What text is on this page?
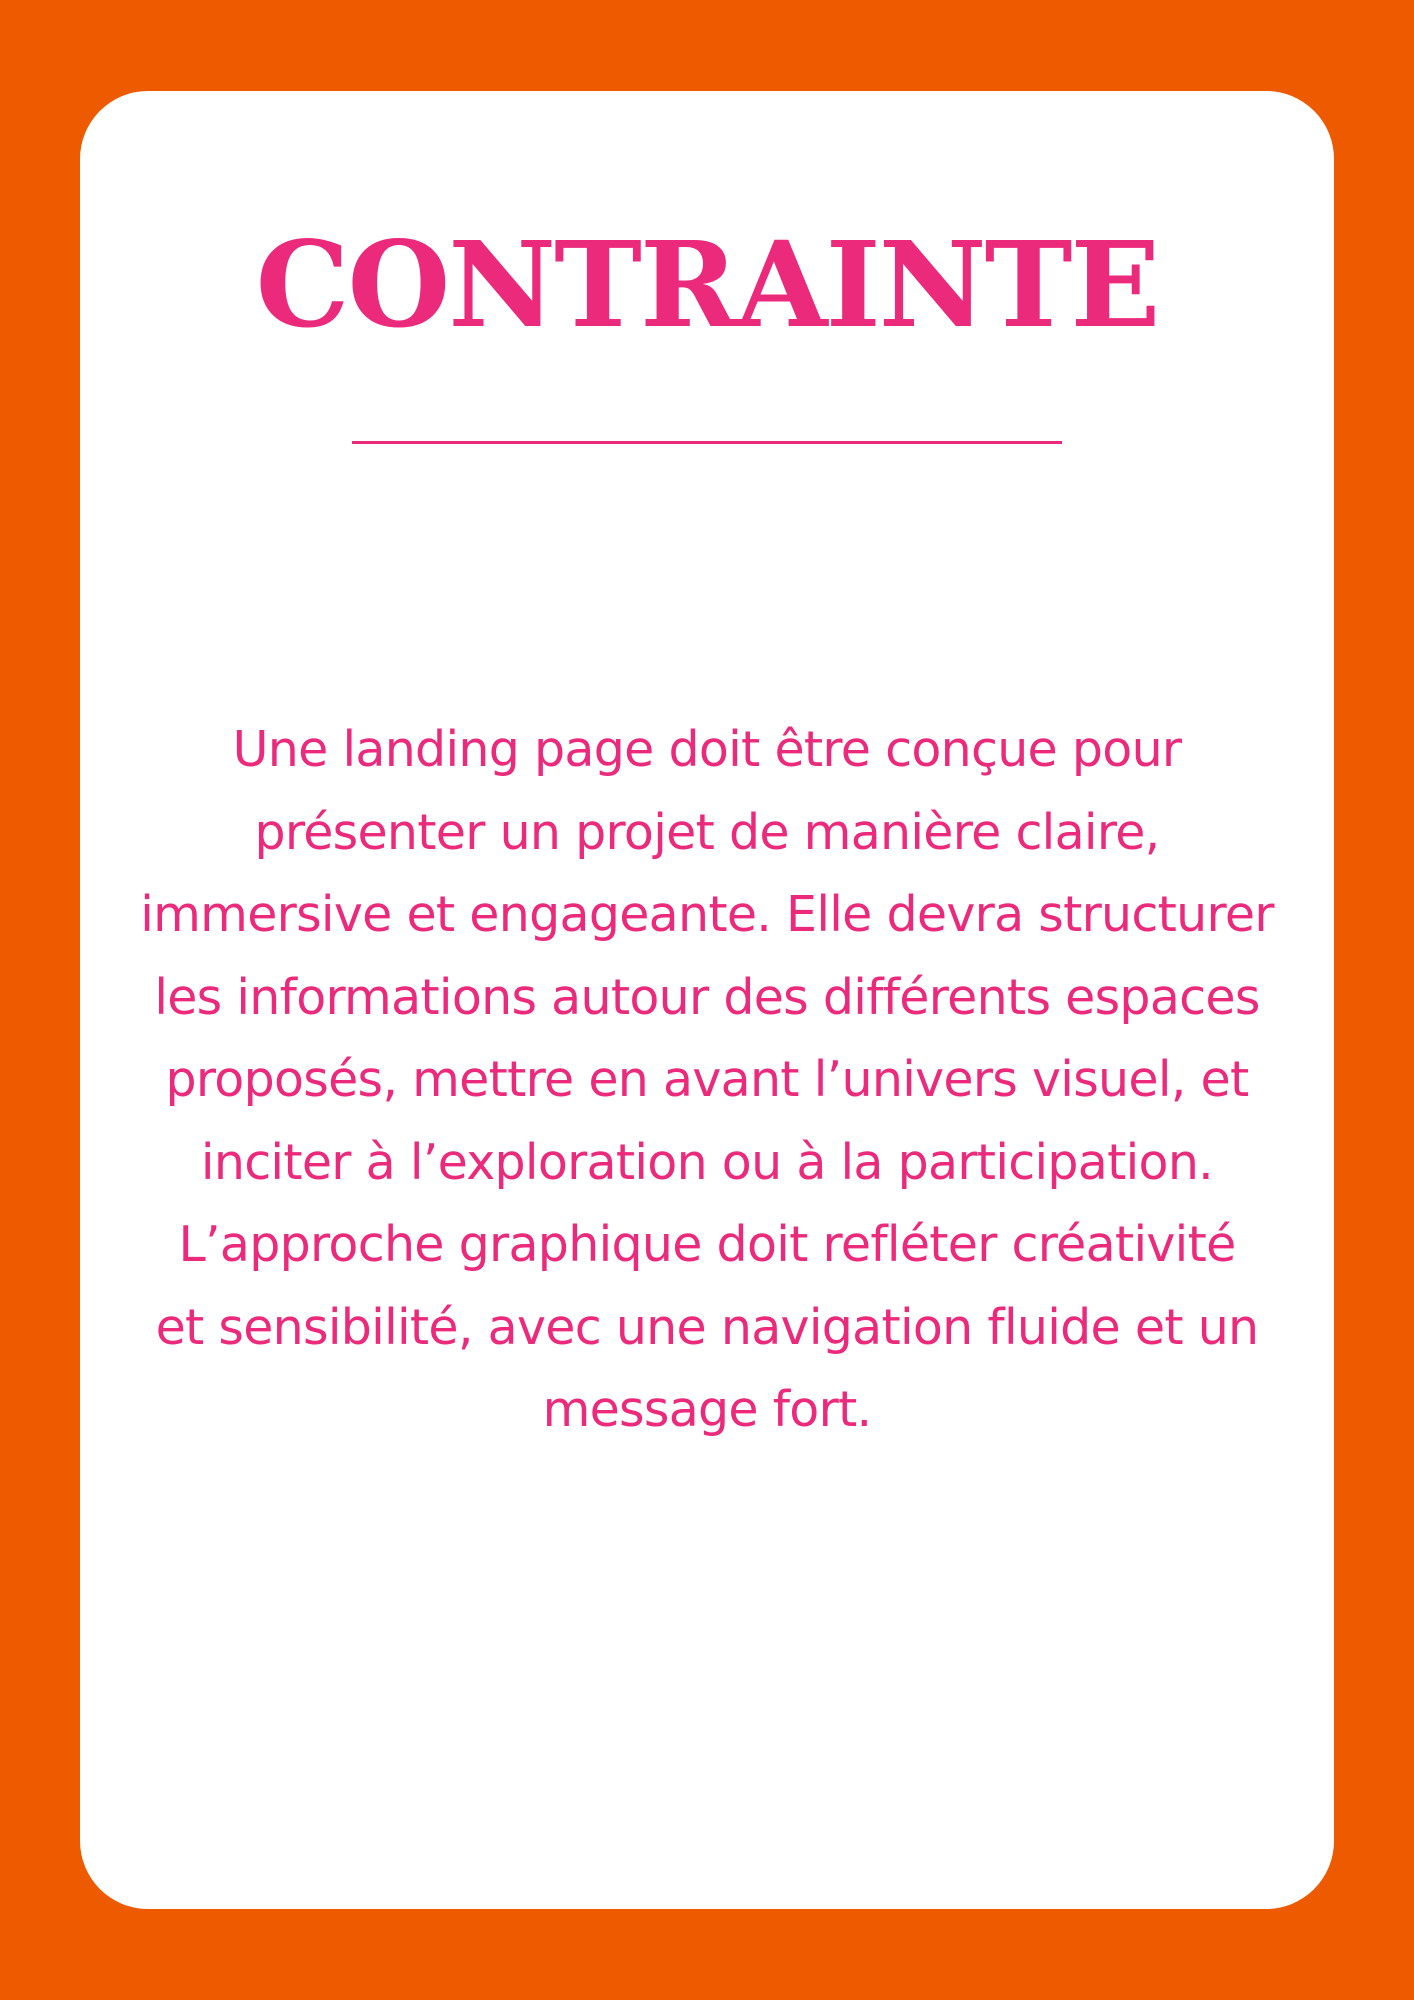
CONTRAINTE

Une landing page doit être conçue pour
présenter un projet de manière claire,
immersive et engageante. Elle devra structurer
les informations autour des différents espaces
proposés, mettre en avant l’univers visuel, et
inciter à l’exploration ou à la participation.
L’approche graphique doit refléter créativité
et sensibilité, avec une navigation fluide et un
message fort.
